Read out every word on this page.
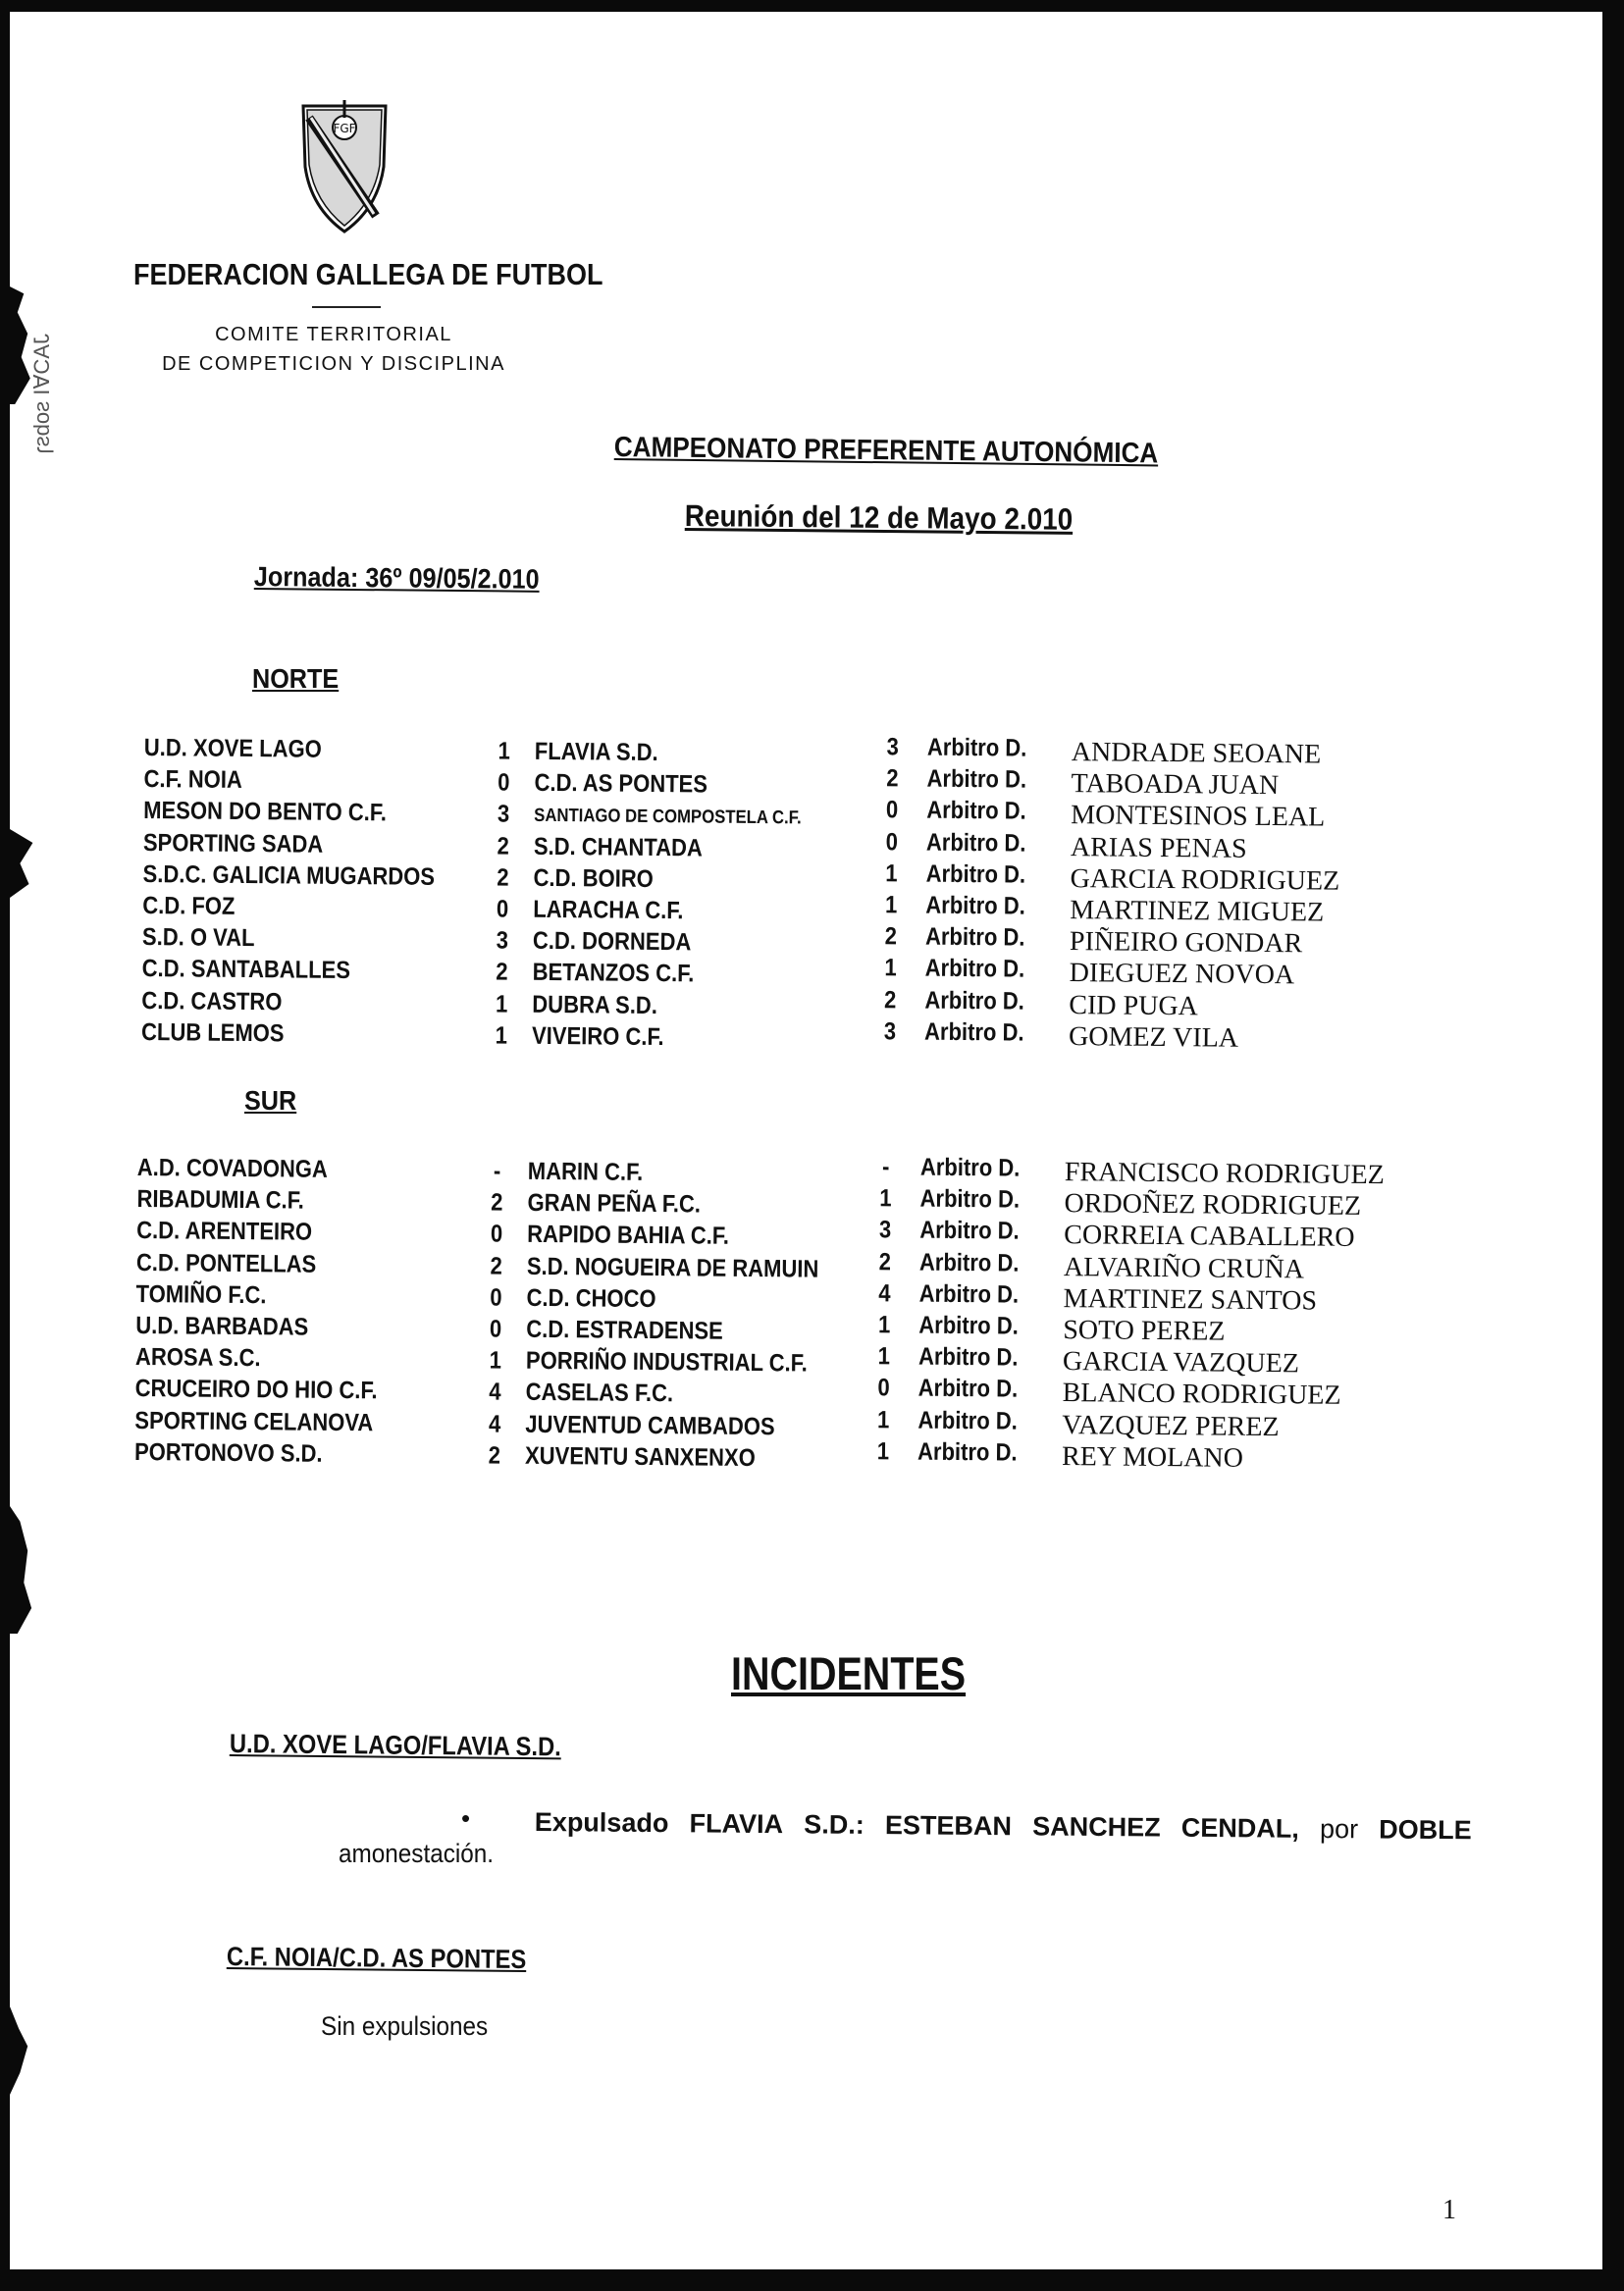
JAƆ∀I sobsɿ
FGF
FEDERACION GALLEGA DE FUTBOL
COMITE TERRITORIAL
DE COMPETICION Y DISCIPLINA
CAMPEONATO PREFERENTE AUTONÓMICA
Reunión del 12 de Mayo 2.010
Jornada: 36º 09/05/2.010
NORTE
U.D. XOVE LAGO	1 FLAVIA S.D.	3 Arbitro D. ANDRADE SEOANE
C.F. NOIA	0 C.D. AS PONTES	2 Arbitro D. TABOADA JUAN
MESON DO BENTO C.F.	3 SANTIAGO DE COMPOSTELA C.F.	0 Arbitro D. MONTESINOS LEAL
SPORTING SADA	2 S.D. CHANTADA	0 Arbitro D. ARIAS PENAS
S.D.C. GALICIA MUGARDOS	2 C.D. BOIRO	1 Arbitro D. GARCIA RODRIGUEZ
C.D. FOZ	0 LARACHA C.F.	1 Arbitro D. MARTINEZ MIGUEZ
S.D. O VAL	3 C.D. DORNEDA	2 Arbitro D. PIÑEIRO GONDAR
C.D. SANTABALLES	2 BETANZOS C.F.	1 Arbitro D. DIEGUEZ NOVOA
C.D. CASTRO	1 DUBRA S.D.	2 Arbitro D. CID PUGA
CLUB LEMOS	1 VIVEIRO C.F.	3 Arbitro D. GOMEZ VILA
SUR
A.D. COVADONGA	- MARIN C.F.	- Arbitro D. FRANCISCO RODRIGUEZ
RIBADUMIA C.F.	2 GRAN PEÑA F.C.	1 Arbitro D. ORDOÑEZ RODRIGUEZ
C.D. ARENTEIRO	0 RAPIDO BAHIA C.F.	3 Arbitro D. CORREIA CABALLERO
C.D. PONTELLAS	2 S.D. NOGUEIRA DE RAMUIN 2 Arbitro D. ALVARIÑO CRUÑA
TOMIÑO F.C.	0 C.D. CHOCO	4 Arbitro D. MARTINEZ SANTOS
U.D. BARBADAS	0 C.D. ESTRADENSE	1 Arbitro D. SOTO PEREZ
AROSA S.C.	1 PORRIÑO INDUSTRIAL C.F.	1 Arbitro D. GARCIA VAZQUEZ
CRUCEIRO DO HIO C.F.	4 CASELAS F.C.	0 Arbitro D. BLANCO RODRIGUEZ
SPORTING CELANOVA	4 JUVENTUD CAMBADOS	1 Arbitro D. VAZQUEZ PEREZ
PORTONOVO S.D.	2 XUVENTU SANXENXO	1 Arbitro D. REY MOLANO
INCIDENTES
U.D. XOVE LAGO/FLAVIA S.D.
• Expulsado FLAVIA S.D.: ESTEBAN SANCHEZ CENDAL, por DOBLE
amonestación.
C.F. NOIA/C.D. AS PONTES
Sin expulsiones
1
